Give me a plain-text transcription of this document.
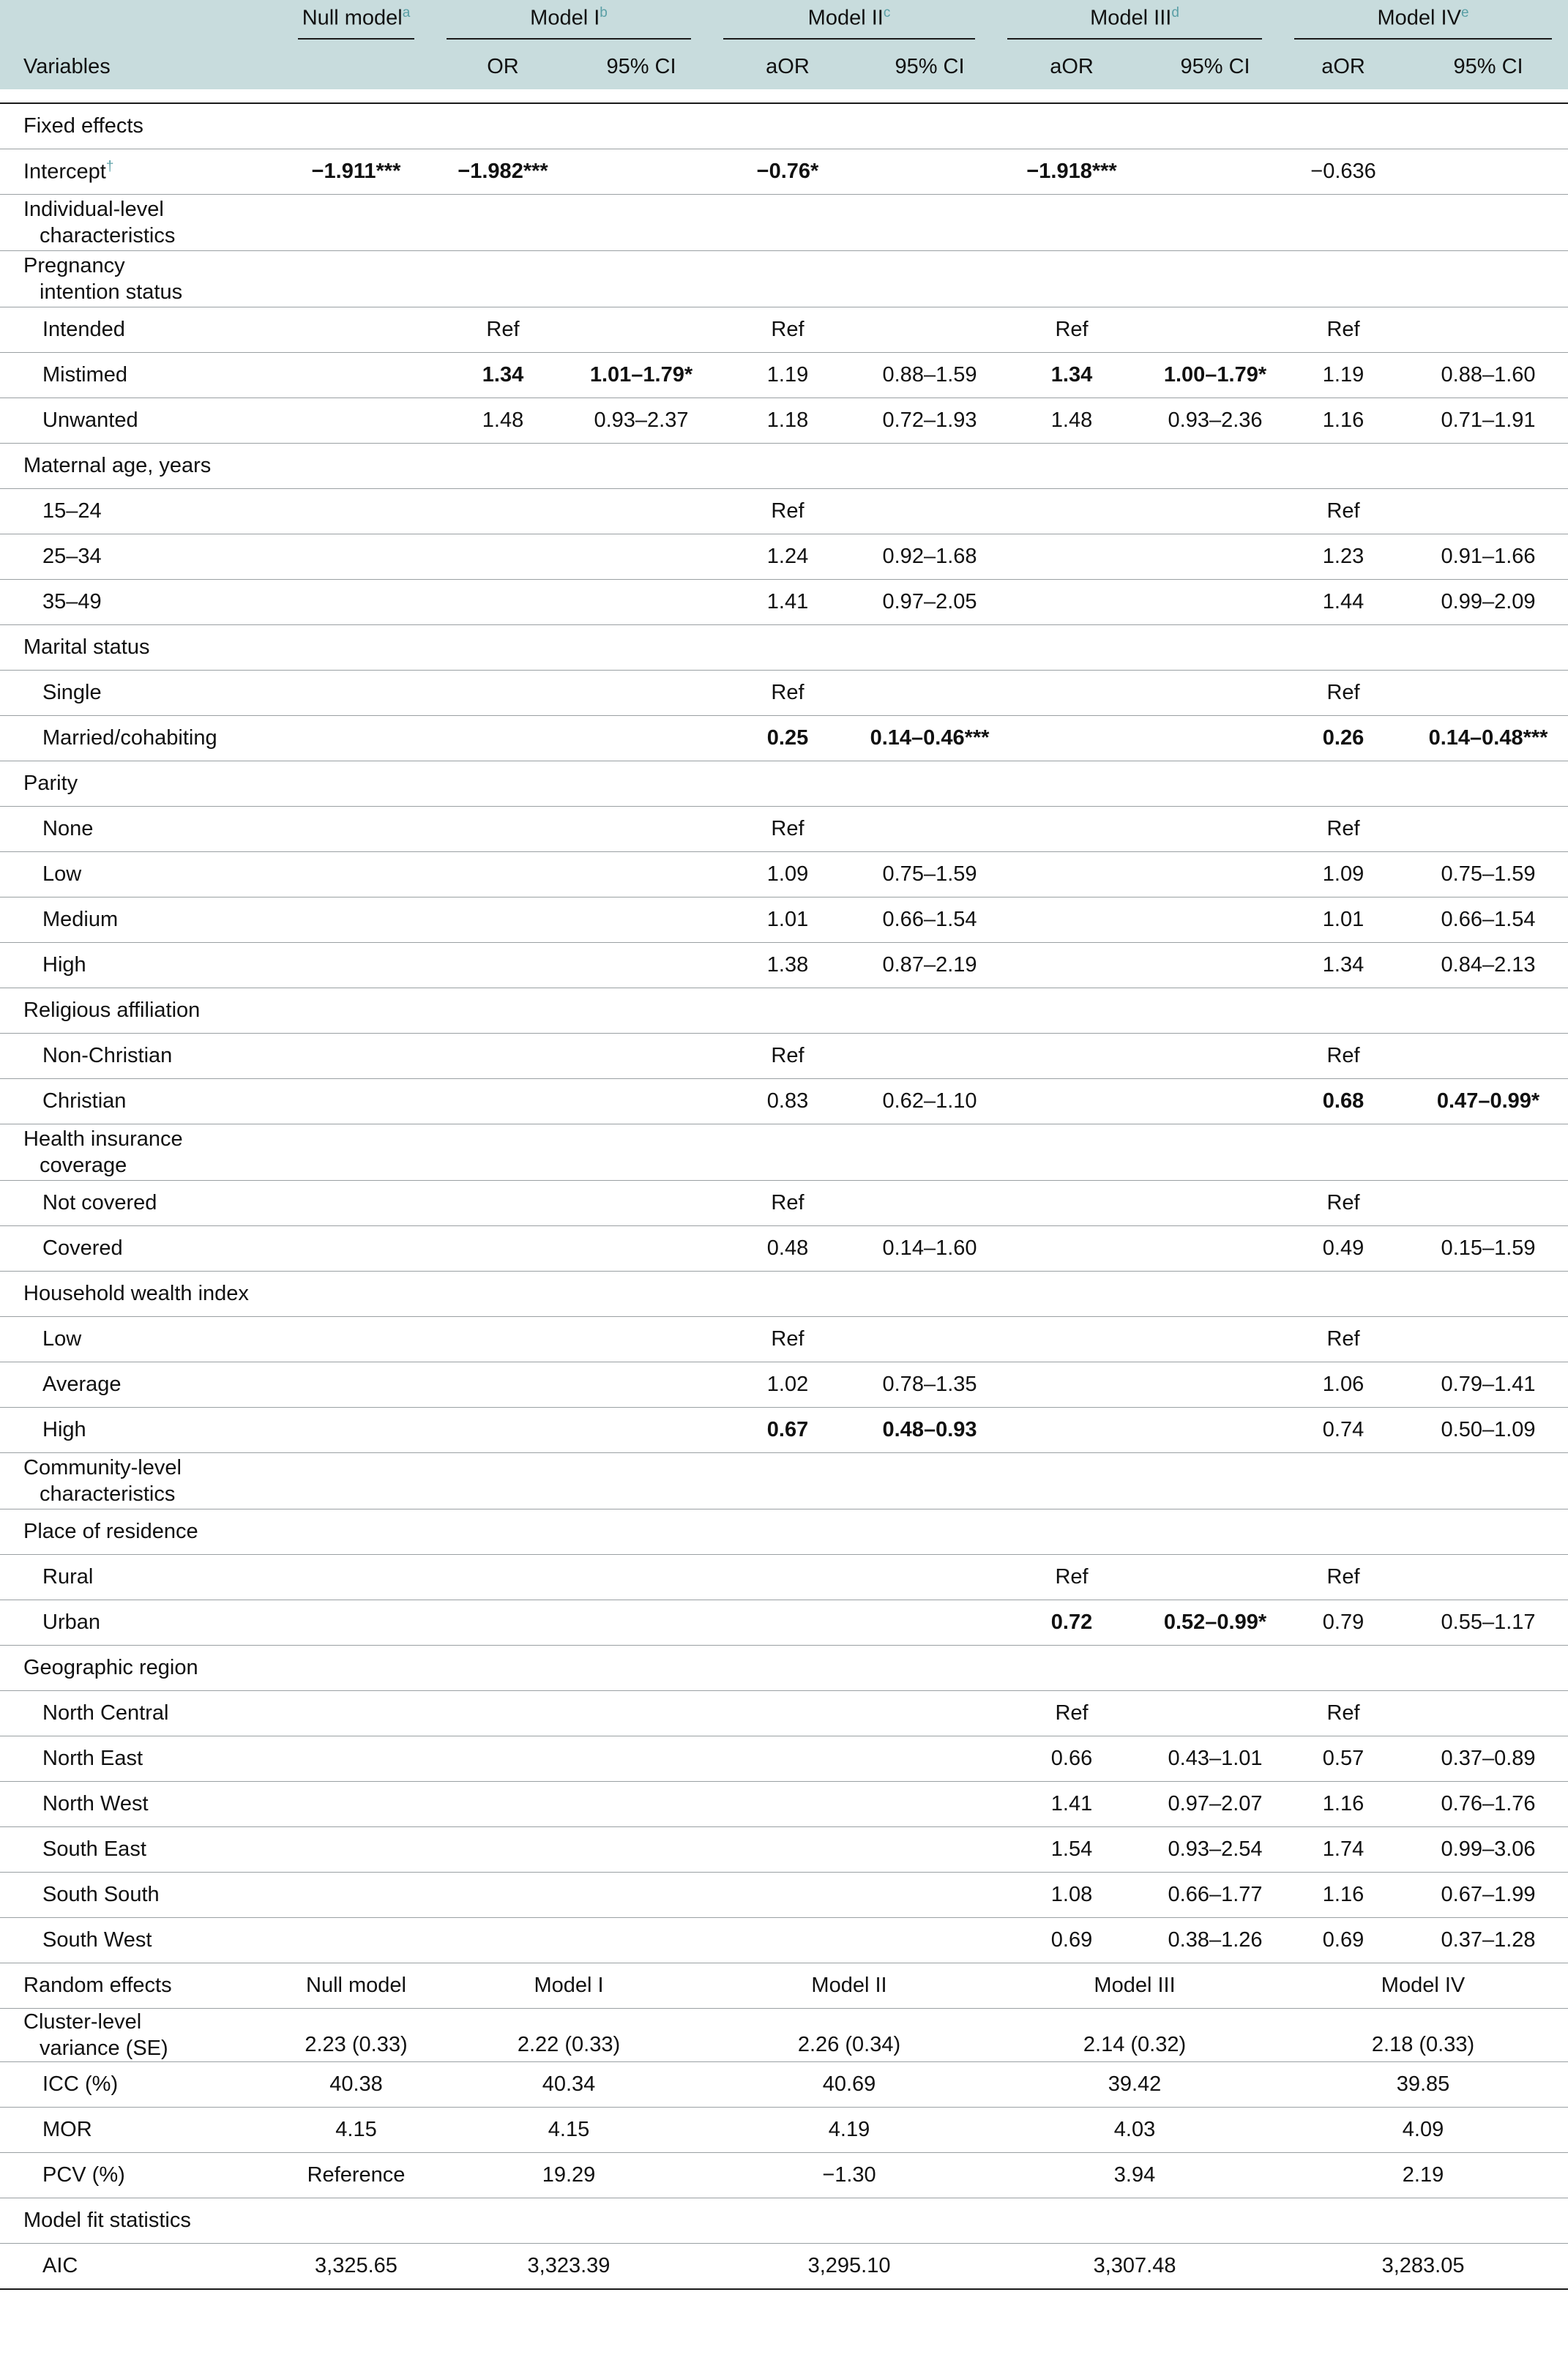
	Null model$^a$	Model $I^b$		Model $II^c$		Model III$^d$		Model IVe

Variables		OR	95% CI	aOR	95% CI	aOR	95% CI	aOR	95% CI

Fixed effects									
Intercept†	−1.911***	−1.982***		−0.76*		−1.918***		−0.636	
Individual-level
characteristics									

Pregnancy
intention status									

Intended		Ref		Ref		Ref		Ref	
Mistimed		1.34	1.01–1.79*	1.19	0.88–1.59	1.34	1.00–1.79*	1.19	0.88–1.60
Unwanted		1.48	0.93–2.37	1.18	0.72–1.93	1.48	0.93–2.36	1.16	0.71–1.91
Maternal age, years									
15–24				Ref				Ref	
25–34				1.24	0.92–1.68			1.23	0.91–1.66
35–49				1.41	0.97–2.05			1.44	0.99–2.09
Marital status									
Single				Ref				Ref	
Married/cohabiting				0.25	0.14–0.46***			0.26	0.14–0.48***
Parity									
None				Ref				Ref	
Low				1.09	0.75–1.59			1.09	0.75–1.59
Medium				1.01	0.66–1.54			1.01	0.66–1.54
High				1.38	0.87–2.19			1.34	0.84–2.13
Religious affiliation									
Non-Christian				Ref				Ref	
Christian				0.83	0.62–1.10			0.68	0.47–0.99*
Health insurance
coverage									

Not covered				Ref				Ref	
Covered				0.48	0.14–1.60			0.49	0.15–1.59
Household wealth index									
Low				Ref				Ref	
Average				1.02	0.78–1.35			1.06	0.79–1.41
High				0.67	0.48–0.93			0.74	0.50–1.09
Community-level
characteristics									

Place of residence									
Rural						Ref		Ref	
Urban						0.72	0.52–0.99*	0.79	0.55–1.17
Geographic region									
North Central						Ref		Ref	
North East						0.66	0.43–1.01	0.57	0.37–0.89
North West						1.41	0.97–2.07	1.16	0.76–1.76
South East						1.54	0.93–2.54	1.74	0.99–3.06
South South						1.08	0.66–1.77	1.16	0.67–1.99
South West						0.69	0.38–1.26	0.69	0.37–1.28
Random effects	Null model	Model I		Model II		Model III		Model IV	
Cluster-level
variance (SE)	2.23 (0.33)	2.22 (0.33)		2.26 (0.34)		2.14 (0.32)		2.18 (0.33)	
ICC (%)	40.38	40.34		40.69		39.42		39.85	
MOR	4.15	4.15		4.19		4.03		4.09	
PCV (%)	Reference	19.29		−1.30		3.94		2.19	
Model fit statistics									
AIC	3,325.65	3,323.39		3,295.10		3,307.48		3,283.05	
